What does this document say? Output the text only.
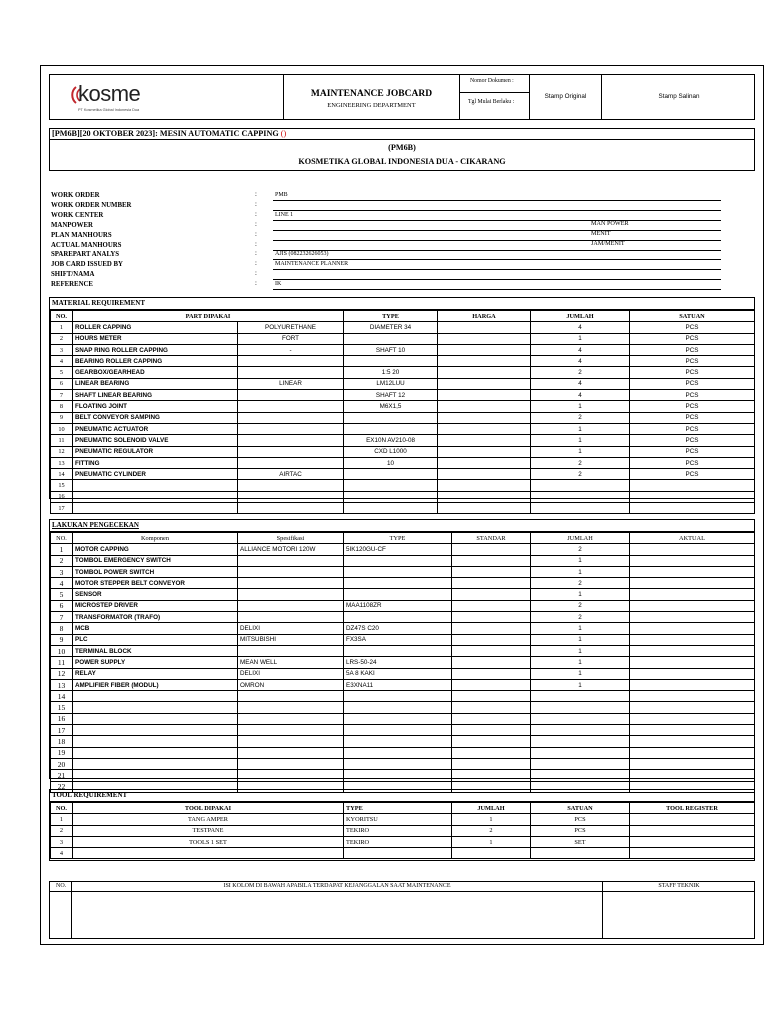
kosme
PT Kosmetika Global Indonesia Dua
MAINTENANCE JOBCARD
ENGINEERING DEPARTMENT
Nomor Dokumen :
Tgl Mulai Berlaku :
Stamp Original	Stamp Salinan
[PM6B][20 OKTOBER 2023]: MESIN AUTOMATIC CAPPING ()
(PM6B)
KOSMETIKA GLOBAL INDONESIA DUA - CIKARANG
WORK ORDER	:	PMB
WORK ORDER NUMBER	:
WORK CENTER	:	LINE 1
MANPOWER	:	MAN POWER
PLAN MANHOURS	:	MENIT
ACTUAL MANHOURS	:	JAM/MENIT
SPAREPART ANALYS	:	AJIS (082232626053)
JOB CARD ISSUED BY	:	MAINTENANCE PLANNER
SHIFT/NAMA	:
REFERENCE	:	IK
MATERIAL REQUIREMENT
NO.	PART DIPAKAI		TYPE	HARGA	JUMLAH	SATUAN
1	ROLLER CAPPING	POLYURETHANE	DIAMETER 34		4	PCS
2	HOURS METER	FORT			1	PCS
3	SNAP RING ROLLER CAPPING	-	SHAFT 10		4	PCS
4	BEARING ROLLER CAPPING				4	PCS
5	GEARBOX/GEARHEAD		1:5 20		2	PCS
6	LINEAR BEARING	LINEAR	LM12LUU		4	PCS
7	SHAFT LINEAR BEARING		SHAFT 12		4	PCS
8	FLOATING JOINT		M6X1,5		1	PCS
9	BELT CONVEYOR SAMPING				2	PCS
10	PNEUMATIC ACTUATOR				1	PCS
11	PNEUMATIC SOLENOID VALVE		EX10N AV210-08		1	PCS
12	PNEUMATIC REGULATOR		CXD L1000		1	PCS
13	FITTING		10		2	PCS
14	PNEUMATIC CYLINDER	AIRTAC			2	PCS
15						
16						
17						
LAKUKAN PENGECEKAN
NO.	Komponen	Spesifikasi	TYPE	STANDAR	JUMLAH	AKTUAL
1	MOTOR CAPPING	ALLIANCE MOTORI 120W	5IK120GU-CF		2	
2	TOMBOL EMERGENCY SWITCH				1	
3	TOMBOL POWER SWITCH				1	
4	MOTOR STEPPER BELT CONVEYOR				2	
5	SENSOR				1	
6	MICROSTEP DRIVER		MAA1108ZR		2	
7	TRANSFORMATOR (TRAFO)				2	
8	MCB	DELIXI	DZ47S C20		1	
9	PLC	MITSUBISHI	FX3SA		1	
10	TERMINAL BLOCK				1	
11	POWER SUPPLY	MEAN WELL	LRS-50-24		1	
12	RELAY	DELIXI	5A 8 KAKI		1	
13	AMPLIFIER FIBER (MODUL)	OMRON	E3XNA11		1	
14						
15						
16						
17						
18						
19						
20						
21						
22						
TOOL REQUIREMENT
NO.	TOOL DIPAKAI	TYPE	JUMLAH	SATUAN	TOOL REGISTER
1	TANG AMPER	KYORITSU	1	PCS	
2	TESTPANE	TEKIRO	2	PCS	
3	TOOLS 1 SET	TEKIRO	1	SET	
4					
NO.	ISI KOLOM DI BAWAH APABILA TERDAPAT KEJANGGALAN SAAT MAINTENANCE	STAFF TEKNIK
